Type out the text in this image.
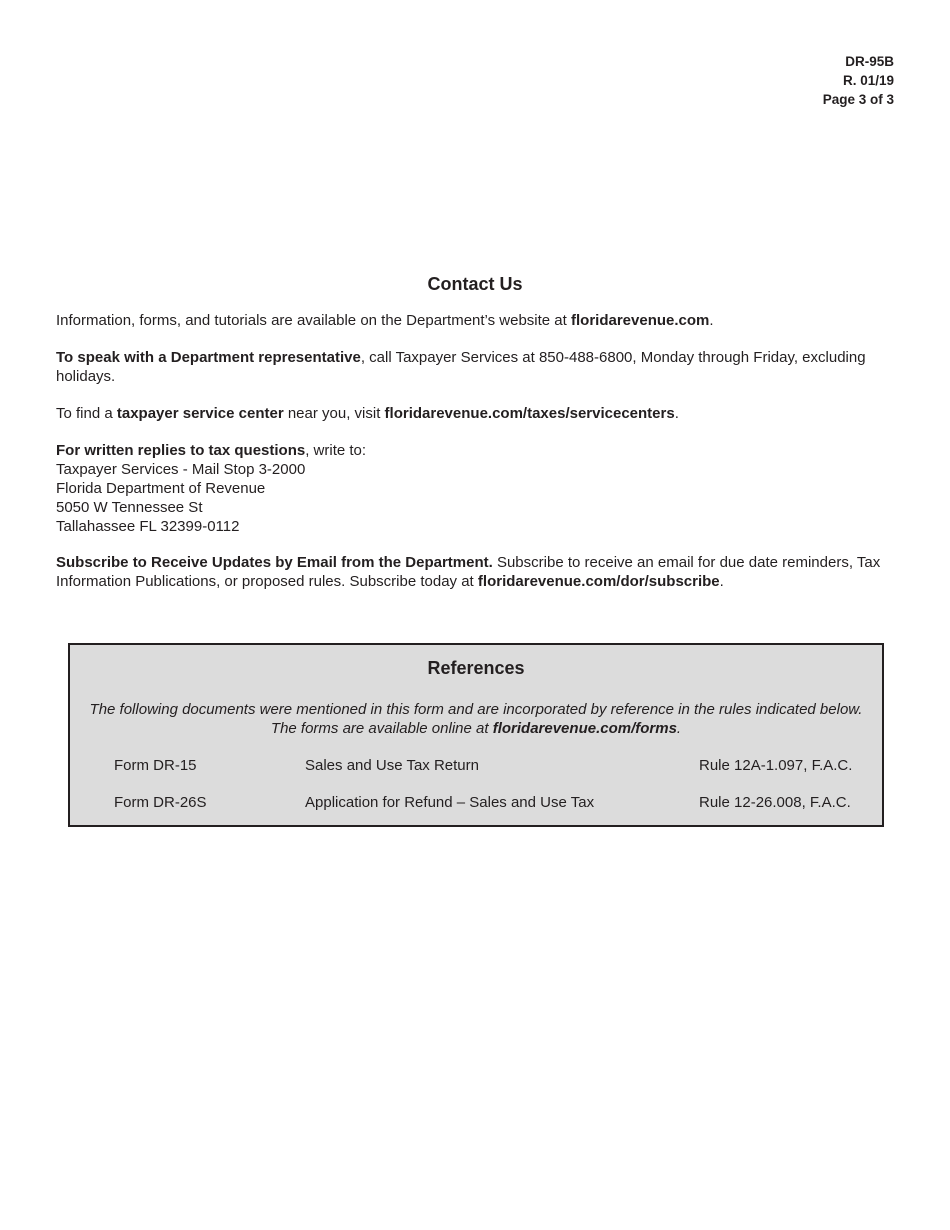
DR-95B
R. 01/19
Page 3 of 3
Contact Us

Information, forms, and tutorials are available on the Department’s website at floridarevenue.com.

To speak with a Department representative, call Taxpayer Services at 850-488-6800, Monday through Friday, excluding holidays.

To find a taxpayer service center near you, visit floridarevenue.com/taxes/servicecenters.

For written replies to tax questions, write to:
Taxpayer Services - Mail Stop 3-2000
Florida Department of Revenue
5050 W Tennessee St
Tallahassee FL 32399-0112

Subscribe to Receive Updates by Email from the Department. Subscribe to receive an email for due date reminders, Tax Information Publications, or proposed rules. Subscribe today at floridarevenue.com/dor/subscribe.

References
The following documents were mentioned in this form and are incorporated by reference in the rules indicated below.
The forms are available online at floridarevenue.com/forms.
Form DR-15	Sales and Use Tax Return	Rule 12A-1.097, F.A.C.
Form DR-26S	Application for Refund – Sales and Use Tax	Rule 12-26.008, F.A.C.
